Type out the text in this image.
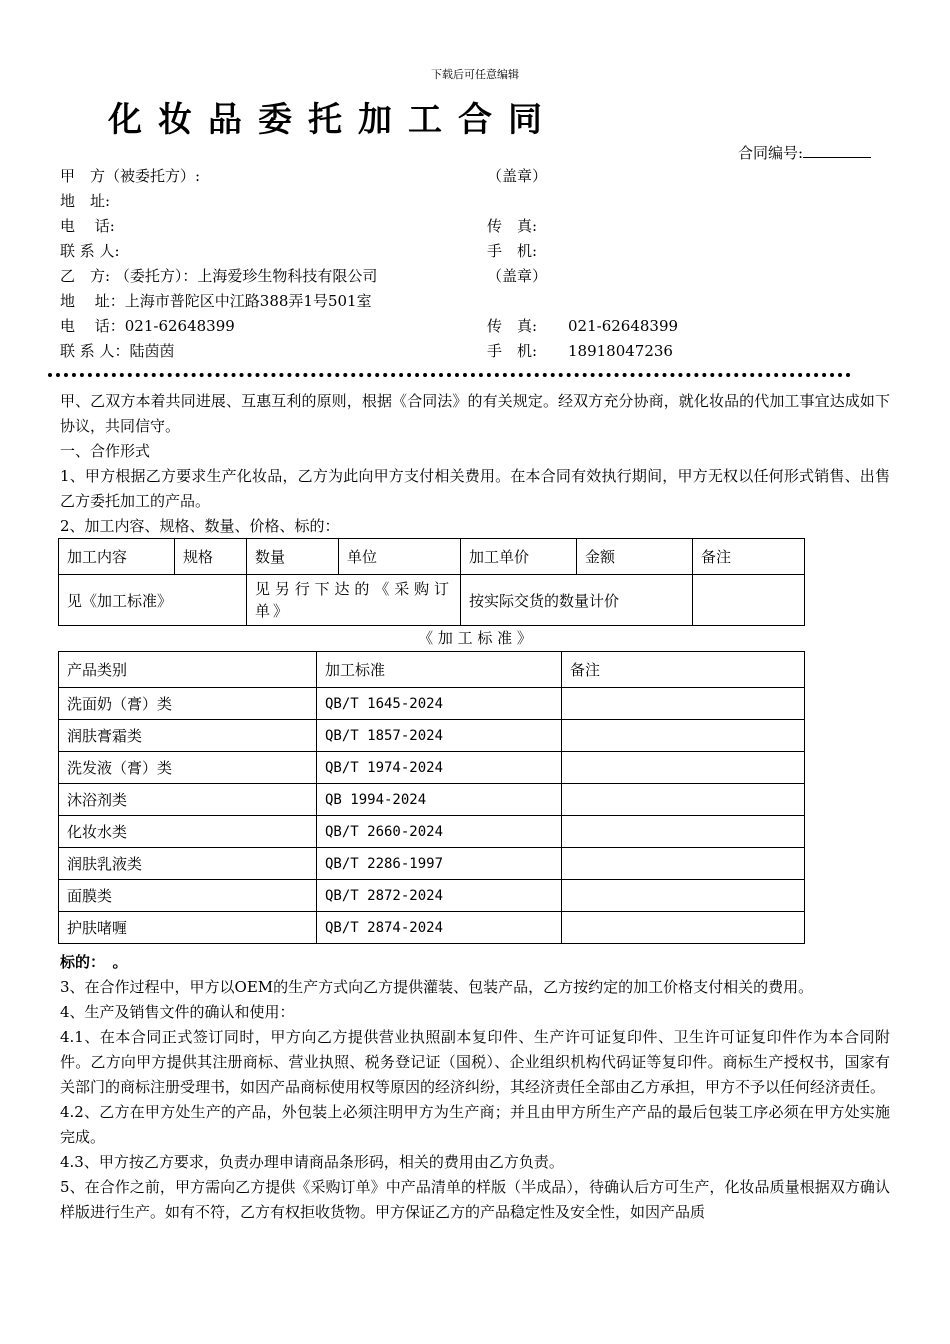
下载后可任意编辑
化妆品委托加工合同
合同编号:
甲　方（被委托方）:	（盖章）
地　址:
电　 话:	传　真:
联 系 人:	手　机:
乙　方: （委托方）：上海爱珍生物科技有限公司	（盖章）
地　 址：上海市普陀区中江路388弄1号501室
电　 话：021-62648399	传　真: 021-62648399
联 系 人：陆茵茵	手　机: 18918047236

甲、乙双方本着共同进展、互惠互利的原则，根据《合同法》的有关规定。经双方充分协商，就化妆品的代加工事宜达成如下协议，共同信守。

一、合作形式

1、甲方根据乙方要求生产化妆品，乙方为此向甲方支付相关费用。在本合同有效执行期间，甲方无权以任何形式销售、出售乙方委托加工的产品。

2、加工内容、规格、数量、价格、标的：

加工内容	规格	数量	单位	加工单价	金额	备注
见《加工标准》		见另行下达的《采购订单》		按实际交货的数量计价		
《 加 工 标 准 》
产品类别	加工标准	备注
洗面奶（膏）类	QB/T 1645-2024	
润肤膏霜类	QB/T 1857-2024	
洗发液（膏）类	QB/T 1974-2024	
沐浴剂类	QB 1994-2024	
化妆水类	QB/T 2660-2024	
润肤乳液类	QB/T 2286-1997	
面膜类	QB/T 2872-2024	
护肤啫喱	QB/T 2874-2024	

标的：　。

3、在合作过程中，甲方以OEM的生产方式向乙方提供灌装、包装产品，乙方按约定的加工价格支付相关的费用。

4、生产及销售文件的确认和使用：

4.1、在本合同正式签订同时，甲方向乙方提供营业执照副本复印件、生产许可证复印件、卫生许可证复印件作为本合同附件。乙方向甲方提供其注册商标、营业执照、税务登记证（国税）、企业组织机构代码证等复印件。商标生产授权书，国家有关部门的商标注册受理书，如因产品商标使用权等原因的经济纠纷，其经济责任全部由乙方承担，甲方不予以任何经济责任。

4.2、乙方在甲方处生产的产品，外包装上必须注明甲方为生产商；并且由甲方所生产产品的最后包装工序必须在甲方处实施完成。

4.3、甲方按乙方要求，负责办理申请商品条形码，相关的费用由乙方负责。

5、在合作之前，甲方需向乙方提供《采购订单》中产品清单的样版（半成品），待确认后方可生产，化妆品质量根据双方确认样版进行生产。如有不符，乙方有权拒收货物。甲方保证乙方的产品稳定性及安全性，如因产品质
